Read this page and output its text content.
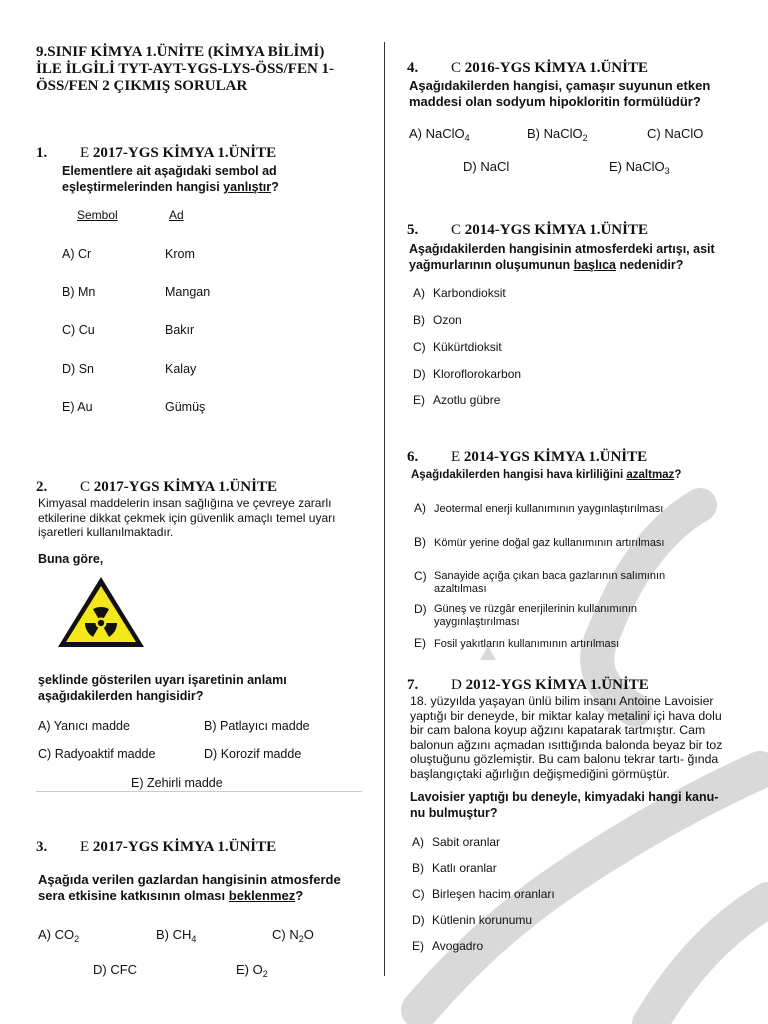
9.SINIF KİMYA 1.ÜNİTE (KİMYA BİLİMİ)
İLE İLGİLİ TYT-AYT-YGS-LYS-ÖSS/FEN 1-
ÖSS/FEN 2 ÇIKMIŞ SORULAR
1. E 2017-YGS KİMYA 1.ÜNİTE
Elementlere ait aşağıdaki sembol ad eşleştirmelerinden hangisi yanlıştır?
Sembol	Ad
A) Cr	Krom
B) Mn	Mangan
C) Cu	Bakır
D) Sn	Kalay
E) Au	Gümüş
2. C 2017-YGS KİMYA 1.ÜNİTE
Kimyasal maddelerin insan sağlığına ve çevreye zararlı etkilerine dikkat çekmek için güvenlik amaçlı temel uyarı işaretleri kullanılmaktadır.
Buna göre,
şeklinde gösterilen uyarı işaretinin anlamı aşağıdakilerden hangisidir?
A) Yanıcı madde	B) Patlayıcı madde
C) Radyoaktif madde	D) Korozif madde
E) Zehirli madde
3. E 2017-YGS KİMYA 1.ÜNİTE
Aşağıda verilen gazlardan hangisinin atmosferde sera etkisine katkısının olması beklenmez?
A) $CO_2$	B) $CH_4$	C) $N_2O$
D) CFC	E) $O_2$
4. C 2016-YGS KİMYA 1.ÜNİTE
Aşağıdakilerden hangisi, çamaşır suyunun etken maddesi olan sodyum hipokloritin formülüdür?
A) NaClO$_4$	B) NaClO$_2$	C) NaClO
D) NaCl	E) NaClO$_3$
5. C 2014-YGS KİMYA 1.ÜNİTE
Aşağıdakilerden hangisinin atmosferdeki artışı, asit yağmurlarının oluşumunun başlıca nedenidir?
A) Karbondioksit
B) Ozon
C) Kükürtdioksit
D) Kloroflorokarbon
E) Azotlu gübre
6. E 2014-YGS KİMYA 1.ÜNİTE
Aşağıdakilerden hangisi hava kirliliğini azaltmaz?
A) Jeotermal enerji kullanımının yaygınlaştırılması
B) Kömür yerine doğal gaz kullanımının artırılması
C) Sanayide açığa çıkan baca gazlarının salımının azaltılması
D) Güneş ve rüzgâr enerjilerinin kullanımının yaygınlaştırılması
E) Fosil yakıtların kullanımının artırılması
7. D 2012-YGS KİMYA 1.ÜNİTE
18. yüzyılda yaşayan ünlü bilim insanı Antoine Lavoisier yaptığı bir deneyde, bir miktar kalay metalini içi hava dolu bir cam balona koyup ağzını kapatarak tartmıştır. Cam balonun ağzını açmadan ısıttığında balonda beyaz bir toz oluştuğunu gözlemiştir. Bu cam balonu tekrar tartı- ğında başlangıçtaki ağırlığın değişmediğini görmüştür.
Lavoisier yaptığı bu deneyle, kimyadaki hangi kanu- nu bulmuştur?
A) Sabit oranlar
B) Katlı oranlar
C) Birleşen hacim oranları
D) Kütlenin korunumu
E) Avogadro
